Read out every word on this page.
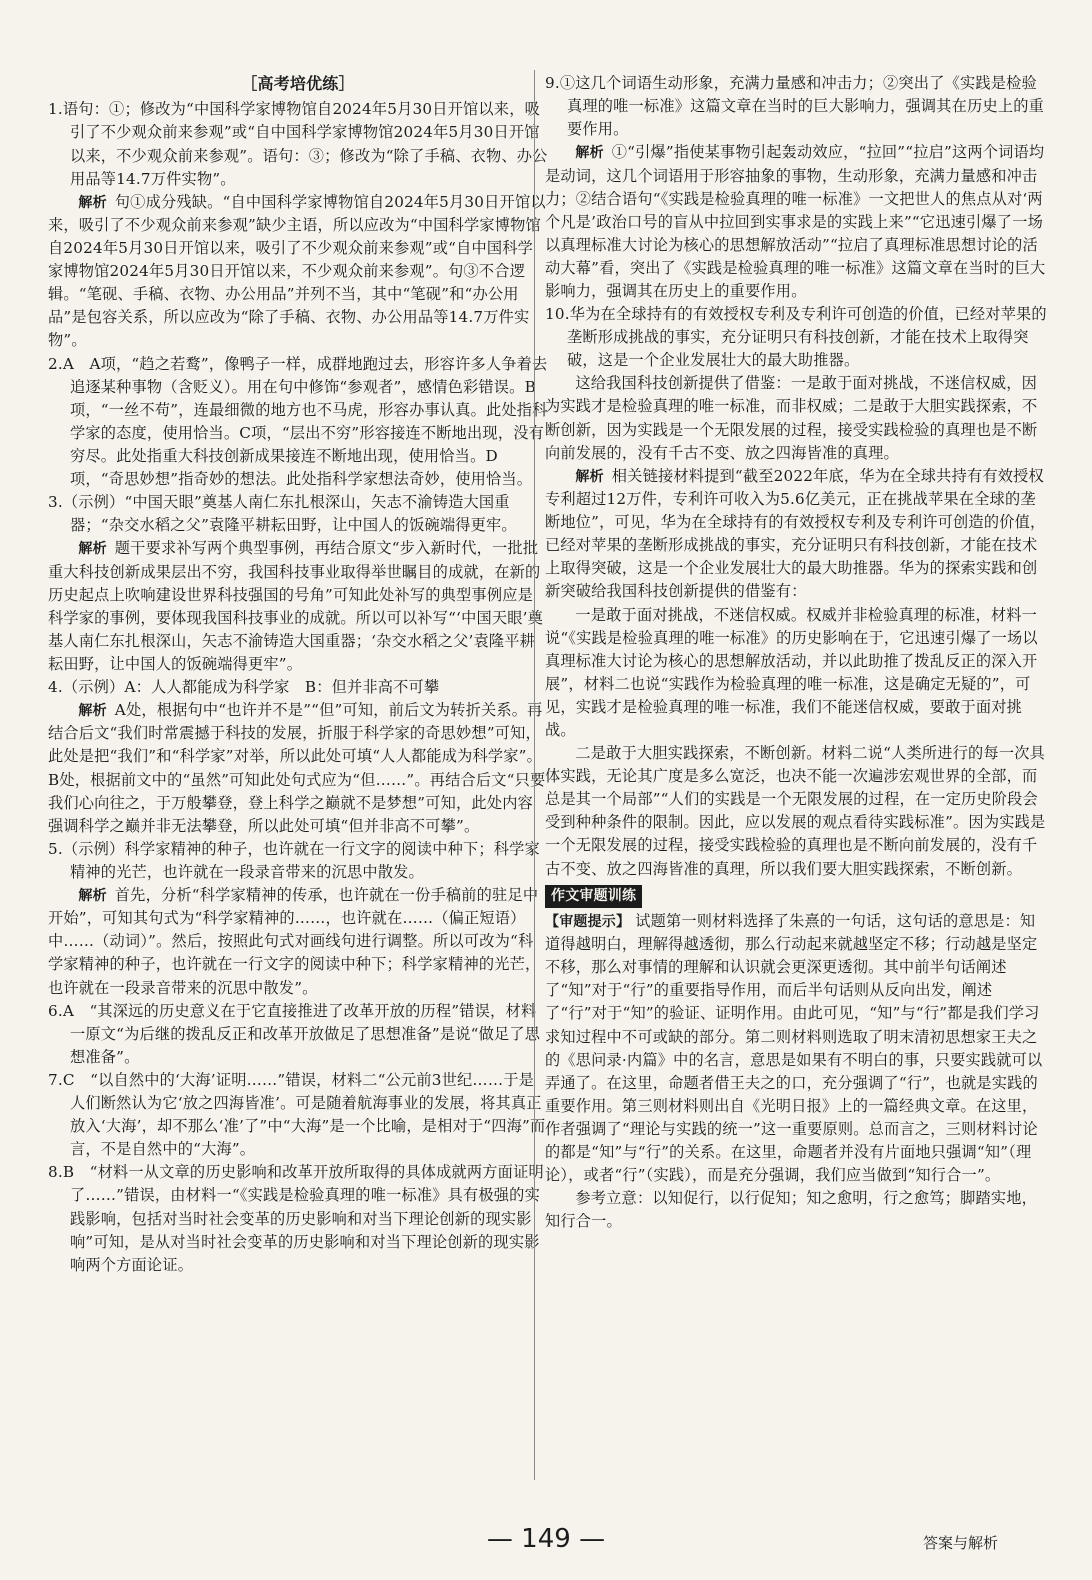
［高考培优练］

1.语句：①；修改为“中国科学家博物馆自2024年5月30日开馆以来，吸引了不少观众前来参观”或“自中国科学家博物馆2024年5月30日开馆以来，不少观众前来参观”。语句：③；修改为“除了手稿、衣物、办公用品等14.7万件实物”。

解析 句①成分残缺。“自中国科学家博物馆自2024年5月30日开馆以来，吸引了不少观众前来参观”缺少主语，所以应改为“中国科学家博物馆自2024年5月30日开馆以来，吸引了不少观众前来参观”或“自中国科学家博物馆2024年5月30日开馆以来，不少观众前来参观”。句③不合逻辑。“笔砚、手稿、衣物、办公用品”并列不当，其中“笔砚”和“办公用品”是包容关系，所以应改为“除了手稿、衣物、办公用品等14.7万件实物”。

2.A　A项，“趋之若鹜”，像鸭子一样，成群地跑过去，形容许多人争着去追逐某种事物（含贬义）。用在句中修饰“参观者”，感情色彩错误。B项，“一丝不苟”，连最细微的地方也不马虎，形容办事认真。此处指科学家的态度，使用恰当。C项，“层出不穷”形容接连不断地出现，没有穷尽。此处指重大科技创新成果接连不断地出现，使用恰当。D项，“奇思妙想”指奇妙的想法。此处指科学家想法奇妙，使用恰当。

3.（示例）“中国天眼”奠基人南仁东扎根深山，矢志不渝铸造大国重器；“杂交水稻之父”袁隆平耕耘田野，让中国人的饭碗端得更牢。

解析 题干要求补写两个典型事例，再结合原文“步入新时代，一批批重大科技创新成果层出不穷，我国科技事业取得举世瞩目的成就，在新的历史起点上吹响建设世界科技强国的号角”可知此处补写的典型事例应是科学家的事例，要体现我国科技事业的成就。所以可以补写“‘中国天眼’奠基人南仁东扎根深山，矢志不渝铸造大国重器；‘杂交水稻之父’袁隆平耕耘田野，让中国人的饭碗端得更牢”。

4.（示例）A：人人都能成为科学家　B：但并非高不可攀

解析 A处，根据句中“也许并不是”“但”可知，前后文为转折关系。再结合后文“我们时常震撼于科技的发展，折服于科学家的奇思妙想”可知，此处是把“我们”和“科学家”对举，所以此处可填“人人都能成为科学家”。B处，根据前文中的“虽然”可知此处句式应为“但……”。再结合后文“只要我们心向往之，于万般攀登，登上科学之巅就不是梦想”可知，此处内容强调科学之巅并非无法攀登，所以此处可填“但并非高不可攀”。

5.（示例）科学家精神的种子，也许就在一行文字的阅读中种下；科学家精神的光芒，也许就在一段录音带来的沉思中散发。

解析 首先，分析“科学家精神的传承，也许就在一份手稿前的驻足中开始”，可知其句式为“科学家精神的……，也许就在……（偏正短语）中……（动词）”。然后，按照此句式对画线句进行调整。所以可改为“科学家精神的种子，也许就在一行文字的阅读中种下；科学家精神的光芒，也许就在一段录音带来的沉思中散发”。

6.A　“其深远的历史意义在于它直接推进了改革开放的历程”错误，材料一原文“为后继的拨乱反正和改革开放做足了思想准备”是说“做足了思想准备”。

7.C　“以自然中的‘大海’证明……”错误，材料二“公元前3世纪……于是人们断然认为它‘放之四海皆准’。可是随着航海事业的发展，将其真正放入‘大海’，却不那么‘准’了”中“大海”是一个比喻，是相对于“四海”而言，不是自然中的“大海”。

8.B　“材料一从文章的历史影响和改革开放所取得的具体成就两方面证明了……”错误，由材料一“《实践是检验真理的唯一标准》具有极强的实践影响，包括对当时社会变革的历史影响和对当下理论创新的现实影响”可知，是从对当时社会变革的历史影响和对当下理论创新的现实影响两个方面论证。

9.①这几个词语生动形象，充满力量感和冲击力；②突出了《实践是检验真理的唯一标准》这篇文章在当时的巨大影响力，强调其在历史上的重要作用。

解析 ①“引爆”指使某事物引起轰动效应，“拉回”“拉启”这两个词语均是动词，这几个词语用于形容抽象的事物，生动形象，充满力量感和冲击力；②结合语句“《实践是检验真理的唯一标准》一文把世人的焦点从对‘两个凡是’政治口号的盲从中拉回到实事求是的实践上来”“它迅速引爆了一场以真理标准大讨论为核心的思想解放活动”“拉启了真理标准思想讨论的活动大幕”看，突出了《实践是检验真理的唯一标准》这篇文章在当时的巨大影响力，强调其在历史上的重要作用。

10.华为在全球持有的有效授权专利及专利许可创造的价值，已经对苹果的垄断形成挑战的事实，充分证明只有科技创新，才能在技术上取得突破，这是一个企业发展壮大的最大助推器。

这给我国科技创新提供了借鉴：一是敢于面对挑战，不迷信权威，因为实践才是检验真理的唯一标准，而非权威；二是敢于大胆实践探索，不断创新，因为实践是一个无限发展的过程，接受实践检验的真理也是不断向前发展的，没有千古不变、放之四海皆准的真理。

解析 相关链接材料提到“截至2022年底，华为在全球共持有有效授权专利超过12万件，专利许可收入为5.6亿美元，正在挑战苹果在全球的垄断地位”，可见，华为在全球持有的有效授权专利及专利许可创造的价值，已经对苹果的垄断形成挑战的事实，充分证明只有科技创新，才能在技术上取得突破，这是一个企业发展壮大的最大助推器。华为的探索实践和创新突破给我国科技创新提供的借鉴有：

一是敢于面对挑战，不迷信权威。权威并非检验真理的标准，材料一说“《实践是检验真理的唯一标准》的历史影响在于，它迅速引爆了一场以真理标准大讨论为核心的思想解放活动，并以此助推了拨乱反正的深入开展”，材料二也说“实践作为检验真理的唯一标准，这是确定无疑的”，可见，实践才是检验真理的唯一标准，我们不能迷信权威，要敢于面对挑战。

二是敢于大胆实践探索，不断创新。材料二说“人类所进行的每一次具体实践，无论其广度是多么宽泛，也决不能一次遍涉宏观世界的全部，而总是其一个局部”“人们的实践是一个无限发展的过程，在一定历史阶段会受到种种条件的限制。因此，应以发展的观点看待实践标准”。因为实践是一个无限发展的过程，接受实践检验的真理也是不断向前发展的，没有千古不变、放之四海皆准的真理，所以我们要大胆实践探索，不断创新。

作文审题训练

【审题提示】 试题第一则材料选择了朱熹的一句话，这句话的意思是：知道得越明白，理解得越透彻，那么行动起来就越坚定不移；行动越是坚定不移，那么对事情的理解和认识就会更深更透彻。其中前半句话阐述了“知”对于“行”的重要指导作用，而后半句话则从反向出发，阐述了“行”对于“知”的验证、证明作用。由此可见，“知”与“行”都是我们学习求知过程中不可或缺的部分。第二则材料则选取了明末清初思想家王夫之的《思问录·内篇》中的名言，意思是如果有不明白的事，只要实践就可以弄通了。在这里，命题者借王夫之的口，充分强调了“行”，也就是实践的重要作用。第三则材料则出自《光明日报》上的一篇经典文章。在这里，作者强调了“理论与实践的统一”这一重要原则。总而言之，三则材料讨论的都是“知”与“行”的关系。在这里，命题者并没有片面地只强调“知”（理论），或者“行”（实践），而是充分强调，我们应当做到“知行合一”。

参考立意：以知促行，以行促知；知之愈明，行之愈笃；脚踏实地，知行合一。

— 149 —	答案与解析
